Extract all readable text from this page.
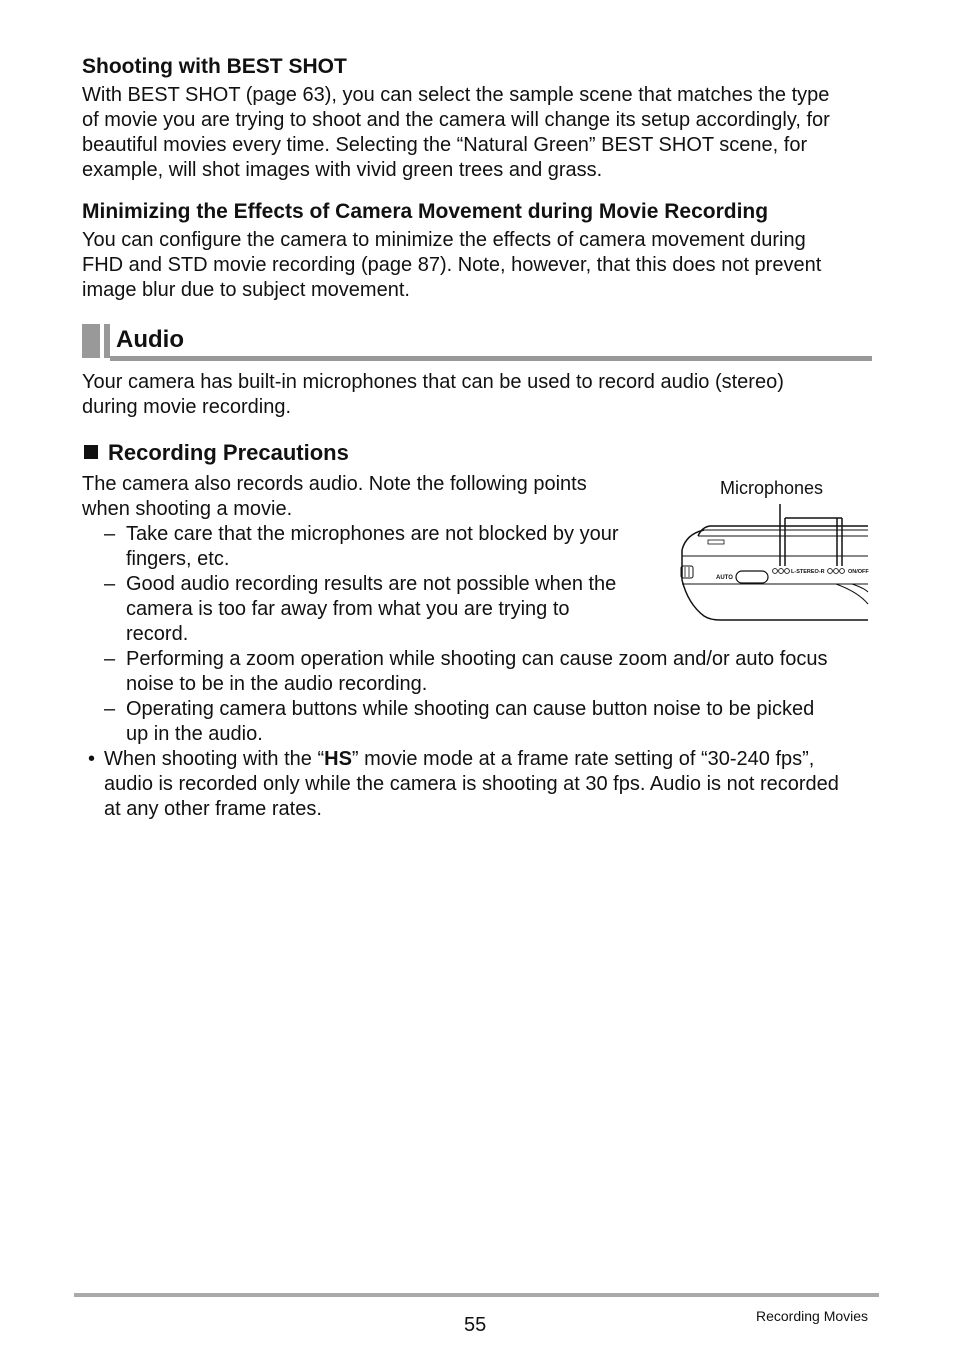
Shooting with BEST SHOT
With BEST SHOT (page 63), you can select the sample scene that matches the type
of movie you are trying to shoot and the camera will change its setup accordingly, for
beautiful movies every time. Selecting the “Natural Green” BEST SHOT scene, for
example, will shot images with vivid green trees and grass.
Minimizing the Effects of Camera Movement during Movie Recording
You can configure the camera to minimize the effects of camera movement during
FHD and STD movie recording (page 87). Note, however, that this does not prevent
image blur due to subject movement.
Audio
Your camera has built-in microphones that can be used to record audio (stereo)
during movie recording.
Recording Precautions
The camera also records audio. Note the following points
when shooting a movie.
– Take care that the microphones are not blocked by your
fingers, etc.
– Good audio recording results are not possible when the
camera is too far away from what you are trying to
record.
– Performing a zoom operation while shooting can cause zoom and/or auto focus
noise to be in the audio recording.
– Operating camera buttons while shooting can cause button noise to be picked
up in the audio.
• When shooting with the “HS” movie mode at a frame rate setting of “30-240 fps”,
audio is recorded only while the camera is shooting at 30 fps. Audio is not recorded
at any other frame rates.
Microphones
AUTO
L-STEREO-R	ON/OFF
55	Recording Movies
